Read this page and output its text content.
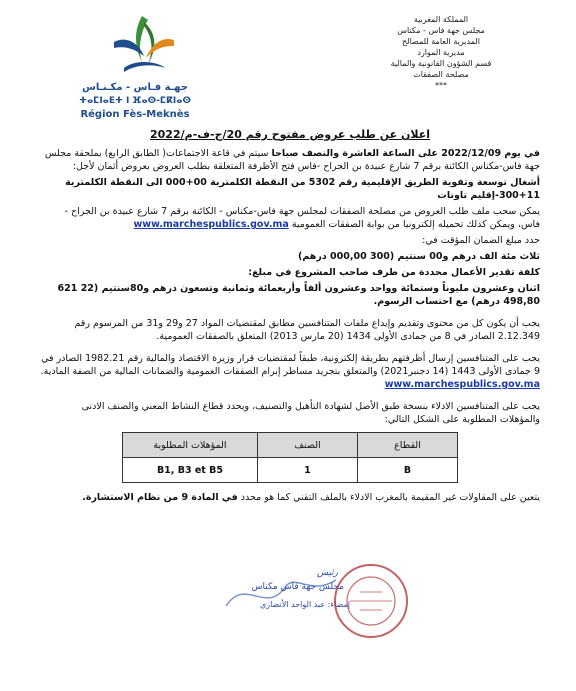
المملكة المغربية
مجلس جهة فاس - مكناس
المديرية العامة للمصالح
مديرية الموارد
قسم الشؤون القانونية والمالية
مصلحة الصفقات
***
جهـة فـاس - مكـنـاس
ⵜⴰⵎⵏⴰⴹⵜ ⵏ ⴼⴰⵙ-ⵎⴽⵏⴰⵙ
Région Fès-Meknès
اعلان عن طلب عروض مفتوح رقم 20/ج-ف-م/2022

في يوم 2022/12/09 على الساعة العاشرة والنصف صباحا سيتم في قاعة الاجتماعات( الطابق الرابع) بملحقة مجلس جهة فاس-مكناس الكائنة برقم 7 شارع عبيدة بن الجراح -فاس فتح الأظرفة المتعلقة بطلب العروض بعروض أثمان لأجل:

أشغال توسعة وتقوية الطريق الإقليمية رقم 5302 من النقطة الكلمترية 00+000 الى النقطة الكلمترية 11+300-إقليم تاونات

يمكن سحب ملف طلب العروض من مصلحة الصفقات لمجلس جهة فاس-مكناس - الكائنة برقم 7 شارع عبيدة بن الجراح - فاس، ويمكن كذلك تحميله إلكترونيا من بوابة الصفقات العمومية www.marchespublics.gov.ma

حدد مبلغ الضمان المؤقت في:

ثلاث مئة الف درهم و00 سنتيم (300 000,00 درهم)

كلفة تقدير الأعمال محددة من طرف صاحب المشروع في مبلغ:

اثنان وعشرون مليوناً وستمائة وواحد وعشرون ألفاً وأربعمائة وثمانية وتسعون درهم و80سنتيم (22 621 498,80 درهم) مع احتساب الرسوم.

يجب أن يكون كل من محتوى وتقديم وإيداع ملفات المتنافسين مطابق لمقتضيات المواد 27 و29 و31 من المرسوم رقم 2.12.349 الصادر في 8 من جمادى الأولى 1434 (20 مارس 2013) المتعلق بالصفقات العمومية.

يجب على المتنافسين إرسال أظرفتهم بطريقة إلكترونية، طبقاً لمقتضيات قرار وزيرة الاقتصاد والمالية رقم 1982.21 الصادر في 9 جمادى الأولى 1443 (14 دجنبر2021) والمتعلق بتجريد مساطر إبرام الصفقات العمومية والضمانات المالية من الصفة المادية. www.marchespublics.gov.ma

يجب على المتنافسين الادلاء بنسخة طبق الأصل لشهادة التأهيل والتصنيف، ويحدد قطاع النشاط المعني والصنف الادنى والمؤهلات المطلوبة على الشكل التالي:

القطاع	الصنف	المؤهلات المطلوبة
B	1	B1, B3 et B5

يتعين على المقاولات غير المقيمة بالمغرب الادلاء بالملف التقني كما هو محدد في المادة 9 من نظام الاستشارة.

رئيس
مجلس جهة فاس مكناس
إمضاء: عبد الواحد الأنصاري
